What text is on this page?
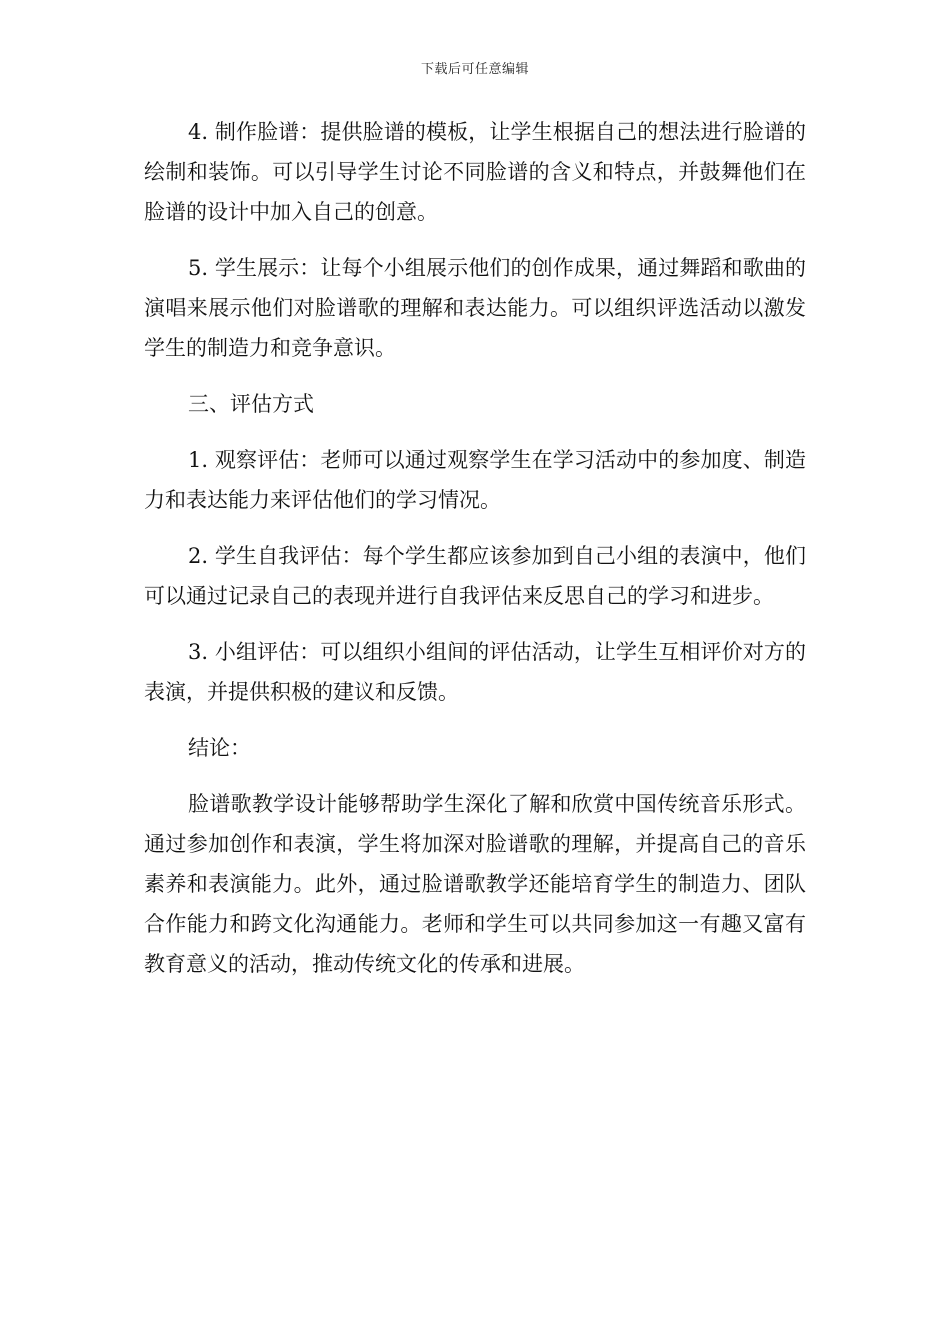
下载后可任意编辑

4. 制作脸谱：提供脸谱的模板，让学生根据自己的想法进行脸谱的绘制和装饰。可以引导学生讨论不同脸谱的含义和特点，并鼓舞他们在脸谱的设计中加入自己的创意。

5. 学生展示：让每个小组展示他们的创作成果，通过舞蹈和歌曲的演唱来展示他们对脸谱歌的理解和表达能力。可以组织评选活动以激发学生的制造力和竞争意识。

三、评估方式

1. 观察评估：老师可以通过观察学生在学习活动中的参加度、制造力和表达能力来评估他们的学习情况。

2. 学生自我评估：每个学生都应该参加到自己小组的表演中，他们可以通过记录自己的表现并进行自我评估来反思自己的学习和进步。

3. 小组评估：可以组织小组间的评估活动，让学生互相评价对方的表演，并提供积极的建议和反馈。

结论：

脸谱歌教学设计能够帮助学生深化了解和欣赏中国传统音乐形式。通过参加创作和表演，学生将加深对脸谱歌的理解，并提高自己的音乐素养和表演能力。此外，通过脸谱歌教学还能培育学生的制造力、团队合作能力和跨文化沟通能力。老师和学生可以共同参加这一有趣又富有教育意义的活动，推动传统文化的传承和进展。
